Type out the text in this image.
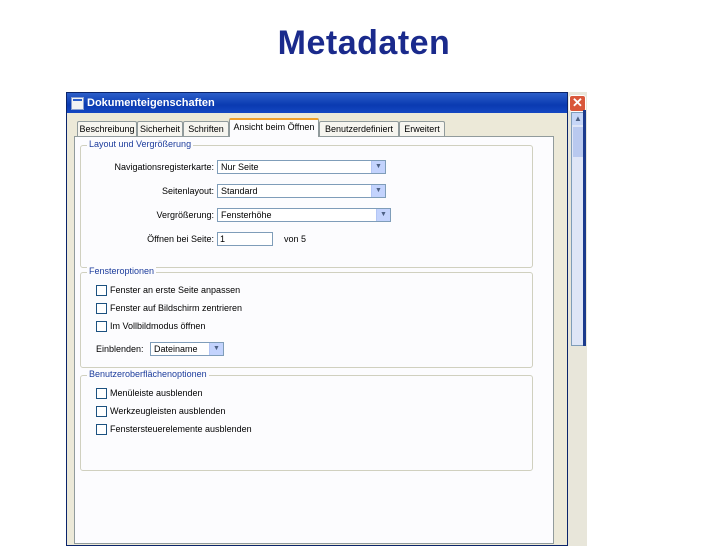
Metadaten
✕
▲
Dokumenteigenschaften
Beschreibung Sicherheit Schriften	Ansicht beim Öffnen	Benutzerdefiniert	Erweitert
Layout und Vergrößerung
Navigationsregisterkarte: Nur Seite	▼
Seitenlayout: Standard	▼
Vergrößerung: Fensterhöhe	▼
Öffnen bei Seite: 1	von 5
Fensteroptionen
Fenster an erste Seite anpassen
Fenster auf Bildschirm zentrieren
Im Vollbildmodus öffnen
Einblenden:	Dateiname	▼
Benutzeroberflächenoptionen
Menüleiste ausblenden
Werkzeugleisten ausblenden
Fenstersteuerelemente ausblenden
